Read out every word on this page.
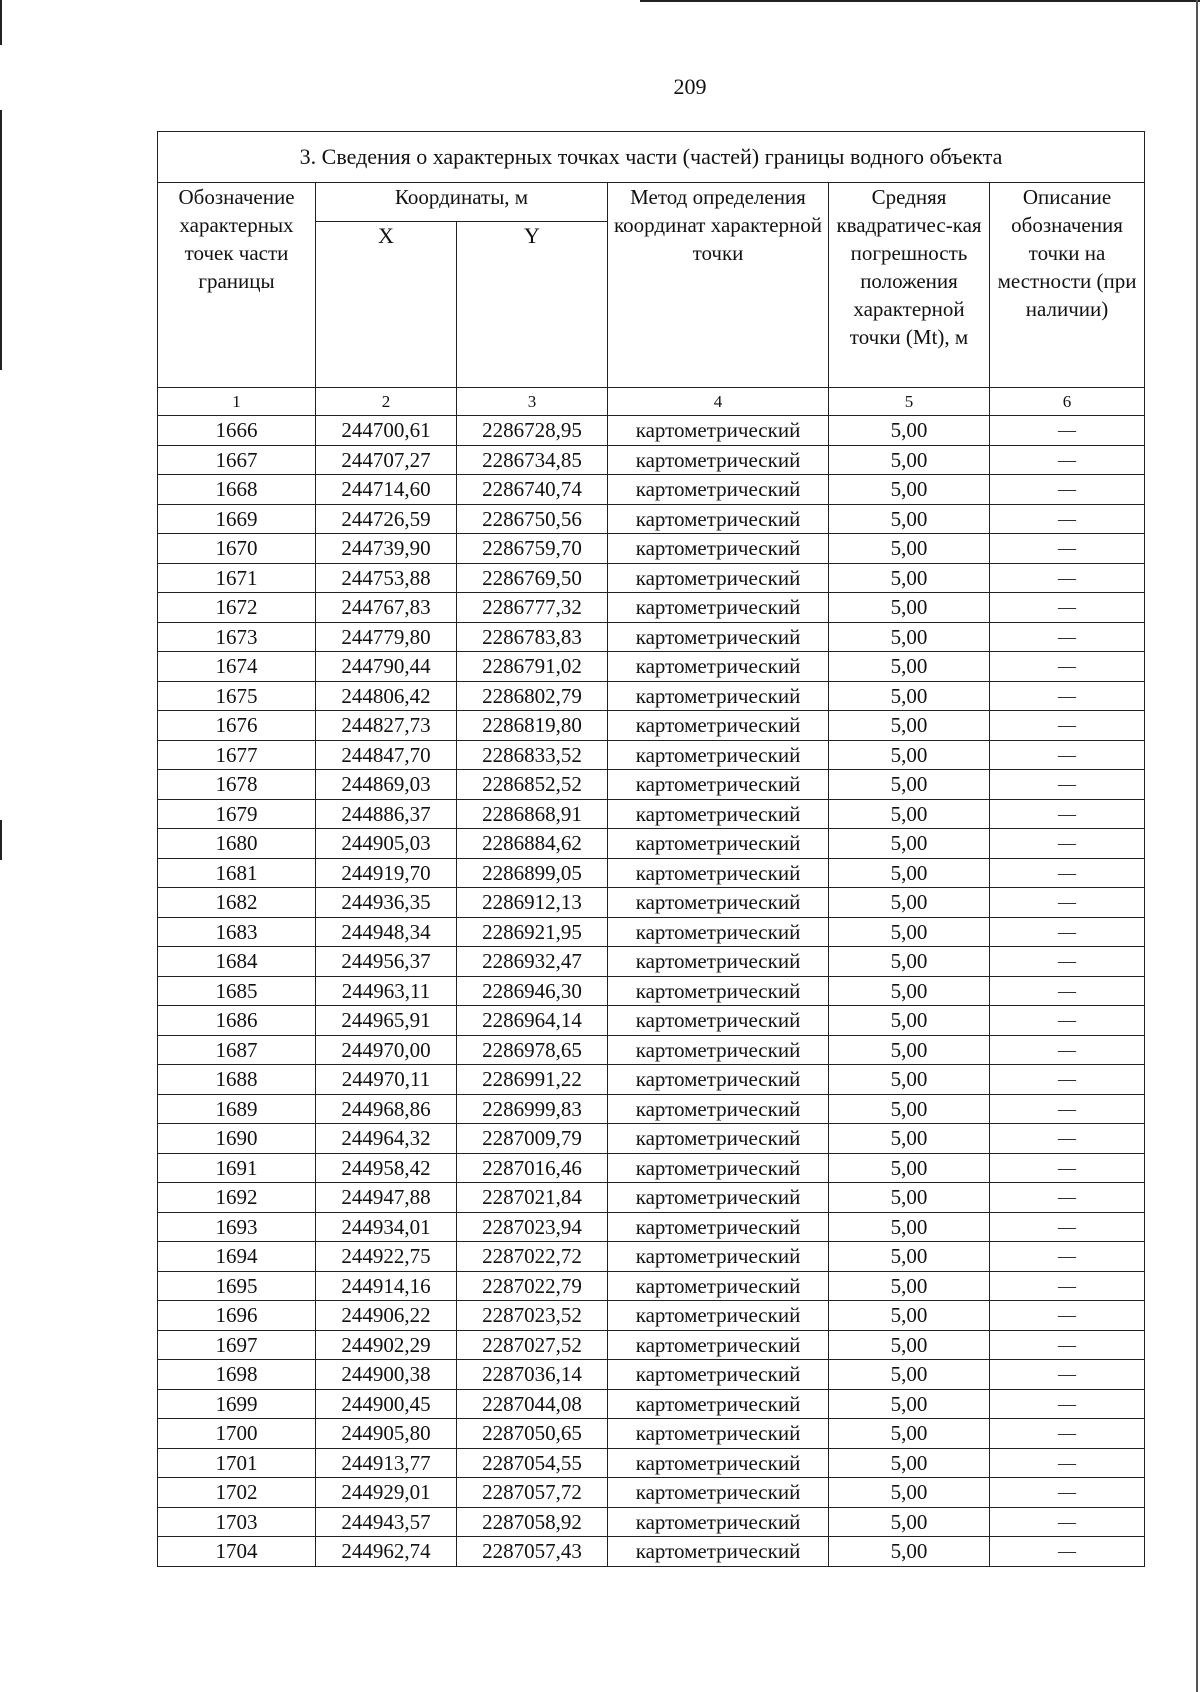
209
3. Сведения о характерных точках части (частей) границы водного объекта					
Обозначение характерных точек части границы	Координаты, м		Метод определения координат характерной точки	Средняя квадратичес-кая погрешность положения характерной точки (Mt), м	Описание обозначения точки на местности (при наличии)
	X	Y			
1	2	3	4	5	6
1666	244700,61	2286728,95	картометрический	5,00	—
1667	244707,27	2286734,85	картометрический	5,00	—
1668	244714,60	2286740,74	картометрический	5,00	—
1669	244726,59	2286750,56	картометрический	5,00	—
1670	244739,90	2286759,70	картометрический	5,00	—
1671	244753,88	2286769,50	картометрический	5,00	—
1672	244767,83	2286777,32	картометрический	5,00	—
1673	244779,80	2286783,83	картометрический	5,00	—
1674	244790,44	2286791,02	картометрический	5,00	—
1675	244806,42	2286802,79	картометрический	5,00	—
1676	244827,73	2286819,80	картометрический	5,00	—
1677	244847,70	2286833,52	картометрический	5,00	—
1678	244869,03	2286852,52	картометрический	5,00	—
1679	244886,37	2286868,91	картометрический	5,00	—
1680	244905,03	2286884,62	картометрический	5,00	—
1681	244919,70	2286899,05	картометрический	5,00	—
1682	244936,35	2286912,13	картометрический	5,00	—
1683	244948,34	2286921,95	картометрический	5,00	—
1684	244956,37	2286932,47	картометрический	5,00	—
1685	244963,11	2286946,30	картометрический	5,00	—
1686	244965,91	2286964,14	картометрический	5,00	—
1687	244970,00	2286978,65	картометрический	5,00	—
1688	244970,11	2286991,22	картометрический	5,00	—
1689	244968,86	2286999,83	картометрический	5,00	—
1690	244964,32	2287009,79	картометрический	5,00	—
1691	244958,42	2287016,46	картометрический	5,00	—
1692	244947,88	2287021,84	картометрический	5,00	—
1693	244934,01	2287023,94	картометрический	5,00	—
1694	244922,75	2287022,72	картометрический	5,00	—
1695	244914,16	2287022,79	картометрический	5,00	—
1696	244906,22	2287023,52	картометрический	5,00	—
1697	244902,29	2287027,52	картометрический	5,00	—
1698	244900,38	2287036,14	картометрический	5,00	—
1699	244900,45	2287044,08	картометрический	5,00	—
1700	244905,80	2287050,65	картометрический	5,00	—
1701	244913,77	2287054,55	картометрический	5,00	—
1702	244929,01	2287057,72	картометрический	5,00	—
1703	244943,57	2287058,92	картометрический	5,00	—
1704	244962,74	2287057,43	картометрический	5,00	—
